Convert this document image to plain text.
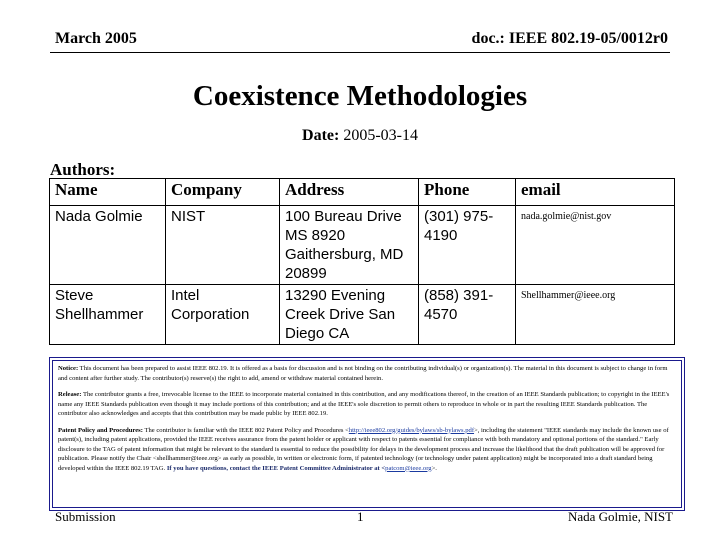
March 2005	doc.: IEEE 802.19-05/0012r0
Coexistence Methodologies
Date: 2005-03-14
Authors:
Name	Company	Address	Phone	email
Nada Golmie	NIST	100 Bureau Drive MS 8920 Gaithersburg, MD 20899	(301) 975-4190	nada.golmie@nist.gov
Steve Shellhammer	Intel Corporation	13290 Evening Creek Drive San Diego CA	(858) 391-4570	Shellhammer@ieee.org

Notice: This document has been prepared to assist IEEE 802.19. It is offered as a basis for discussion and is not binding on the contributing individual(s) or organization(s). The material in this document is subject to change in form and content after further study. The contributor(s) reserve(s) the right to add, amend or withdraw material contained herein.

Release: The contributor grants a free, irrevocable license to the IEEE to incorporate material contained in this contribution, and any modifications thereof, in the creation of an IEEE Standards publication; to copyright in the IEEE's name any IEEE Standards publication even though it may include portions of this contribution; and at the IEEE's sole discretion to permit others to reproduce in whole or in part the resulting IEEE Standards publication. The contributor also acknowledges and accepts that this contribution may be made public by IEEE 802.19.

Patent Policy and Procedures: The contributor is familiar with the IEEE 802 Patent Policy and Procedures <http://ieee802.org/guides/bylaws/sb-bylaws.pdf>, including the statement "IEEE standards may include the known use of patent(s), including patent applications, provided the IEEE receives assurance from the patent holder or applicant with respect to patents essential for compliance with both mandatory and optional portions of the standard." Early disclosure to the TAG of patent information that might be relevant to the standard is essential to reduce the possibility for delays in the development process and increase the likelihood that the draft publication will be approved for publication. Please notify the Chair <shellhammer@ieee.org> as early as possible, in written or electronic form, if patented technology (or technology under patent application) might be incorporated into a draft standard being developed within the IEEE 802.19 TAG. If you have questions, contact the IEEE Patent Committee Administrator at <patcom@ieee.org>.

Submission	1	Nada Golmie, NIST
